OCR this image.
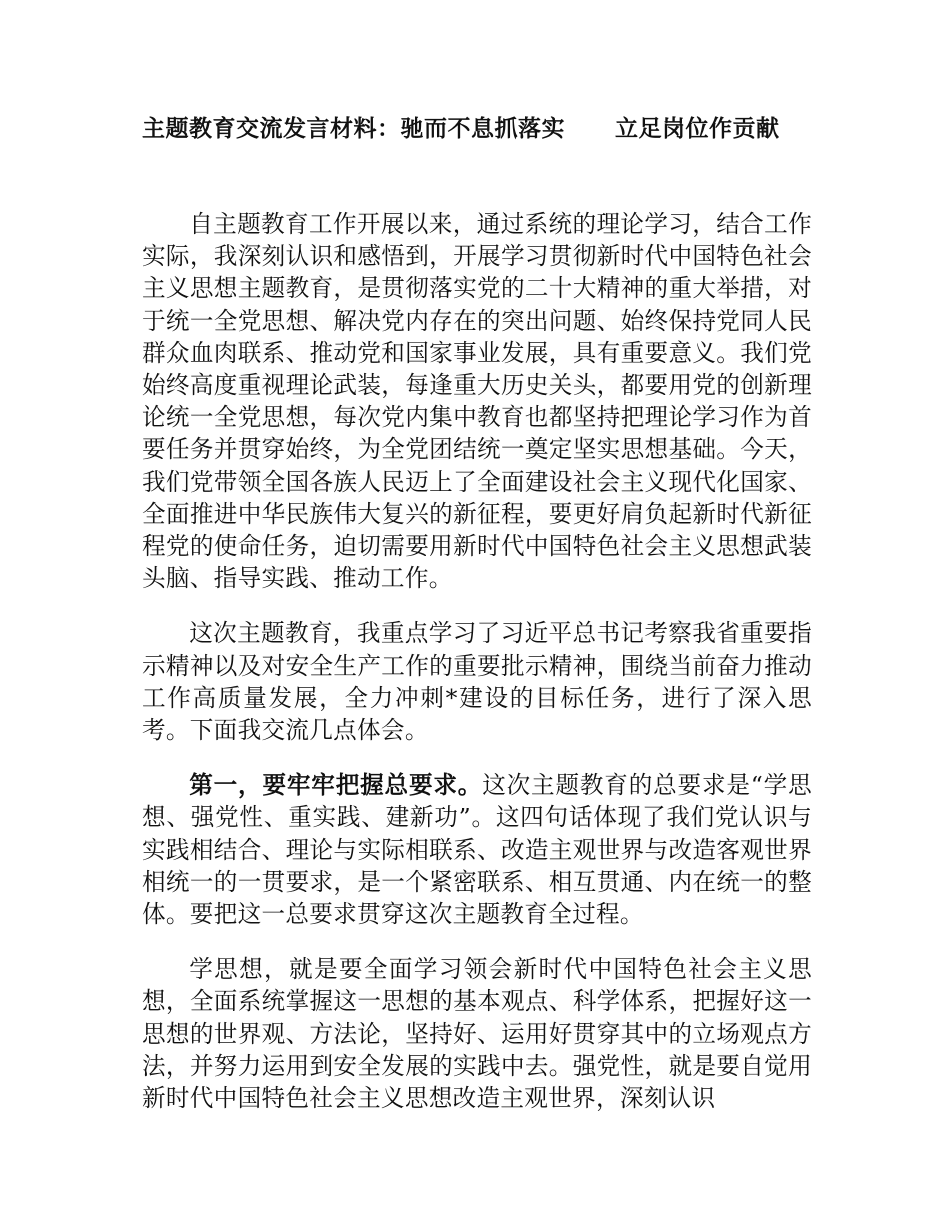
主题教育交流发言材料：驰而不息抓落实 立足岗位作贡献

自主题教育工作开展以来，通过系统的理论学习，结合工作实际，我深刻认识和感悟到，开展学习贯彻新时代中国特色社会主义思想主题教育，是贯彻落实党的二十大精神的重大举措，对于统一全党思想、解决党内存在的突出问题、始终保持党同人民群众血肉联系、推动党和国家事业发展，具有重要意义。我们党始终高度重视理论武装，每逢重大历史关头，都要用党的创新理论统一全党思想，每次党内集中教育也都坚持把理论学习作为首要任务并贯穿始终，为全党团结统一奠定坚实思想基础。今天，我们党带领全国各族人民迈上了全面建设社会主义现代化国家、全面推进中华民族伟大复兴的新征程，要更好肩负起新时代新征程党的使命任务，迫切需要用新时代中国特色社会主义思想武装头脑、指导实践、推动工作。

这次主题教育，我重点学习了习近平总书记考察我省重要指示精神以及对安全生产工作的重要批示精神，围绕当前奋力推动工作高质量发展，全力冲刺*建设的目标任务，进行了深入思考。下面我交流几点体会。

第一，要牢牢把握总要求。这次主题教育的总要求是“学思想、强党性、重实践、建新功”。这四句话体现了我们党认识与实践相结合、理论与实际相联系、改造主观世界与改造客观世界相统一的一贯要求，是一个紧密联系、相互贯通、内在统一的整体。要把这一总要求贯穿这次主题教育全过程。

学思想，就是要全面学习领会新时代中国特色社会主义思想，全面系统掌握这一思想的基本观点、科学体系，把握好这一思想的世界观、方法论，坚持好、运用好贯穿其中的立场观点方法，并努力运用到安全发展的实践中去。强党性，就是要自觉用新时代中国特色社会主义思想改造主观世界，深刻认识
